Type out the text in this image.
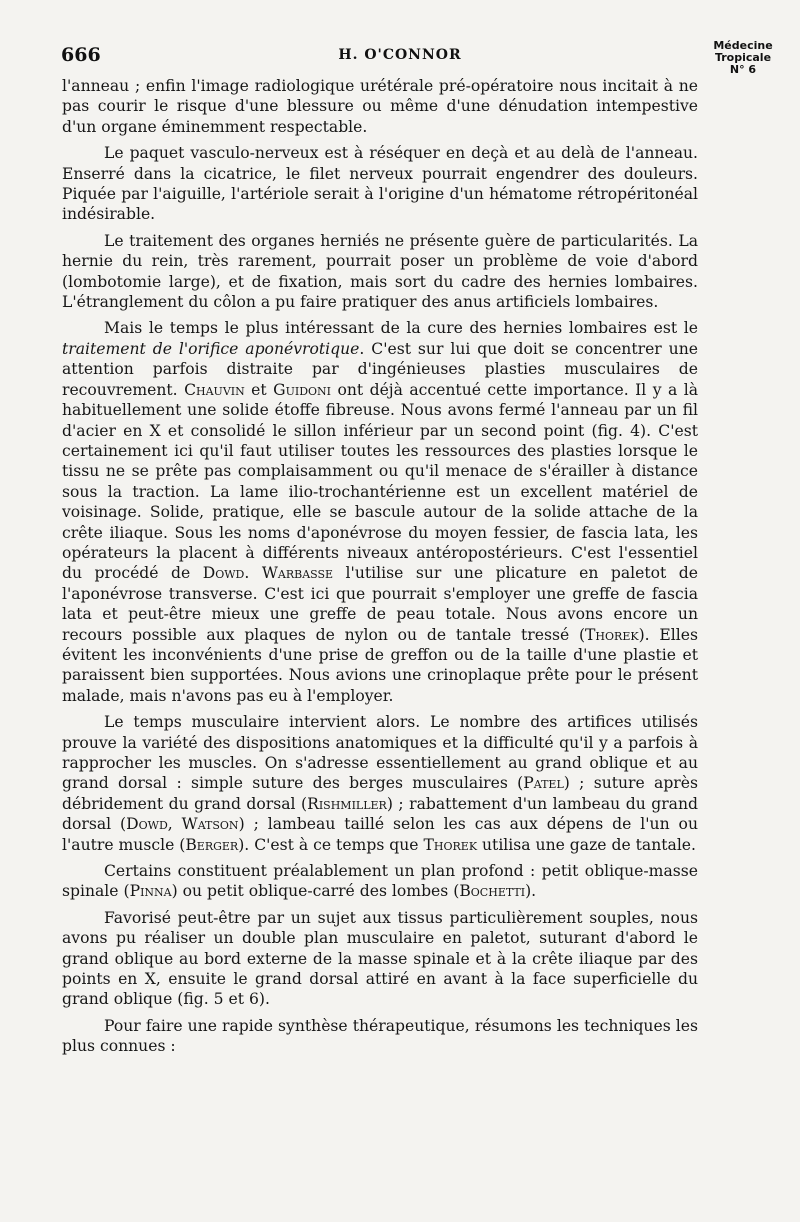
666	H. O'CONNOR
Médecine
Tropicale
N° 6

l'anneau ; enfin l'image radiologique urétérale pré-opératoire nous incitait à ne pas courir le risque d'une blessure ou même d'une dénudation intempestive d'un organe éminemment respectable.

Le paquet vasculo-nerveux est à réséquer en deçà et au delà de l'anneau. Enserré dans la cicatrice, le filet nerveux pourrait engendrer des douleurs. Piquée par l'aiguille, l'artériole serait à l'origine d'un hématome rétropéritonéal indésirable.

Le traitement des organes herniés ne présente guère de particularités. La hernie du rein, très rarement, pourrait poser un problème de voie d'abord (lombotomie large), et de fixation, mais sort du cadre des hernies lombaires. L'étranglement du côlon a pu faire pratiquer des anus artificiels lombaires.

Mais le temps le plus intéressant de la cure des hernies lombaires est le traitement de l'orifice aponévrotique. C'est sur lui que doit se concentrer une attention parfois distraite par d'ingénieuses plasties musculaires de recouvrement. Chauvin et Guidoni ont déjà accentué cette importance. Il y a là habituellement une solide étoffe fibreuse. Nous avons fermé l'anneau par un fil d'acier en X et consolidé le sillon inférieur par un second point (fig. 4). C'est certainement ici qu'il faut utiliser toutes les ressources des plasties lorsque le tissu ne se prête pas complaisamment ou qu'il menace de s'érailler à distance sous la traction. La lame ilio-trochantérienne est un excellent matériel de voisinage. Solide, pratique, elle se bascule autour de la solide attache de la crête iliaque. Sous les noms d'aponévrose du moyen fessier, de fascia lata, les opérateurs la placent à différents niveaux antéropostérieurs. C'est l'essentiel du procédé de Dowd. Warbasse l'utilise sur une plicature en paletot de l'aponévrose transverse. C'est ici que pourrait s'employer une greffe de fascia lata et peut-être mieux une greffe de peau totale. Nous avons encore un recours possible aux plaques de nylon ou de tantale tressé (Thorek). Elles évitent les inconvénients d'une prise de greffon ou de la taille d'une plastie et paraissent bien supportées. Nous avions une crinoplaque prête pour le présent malade, mais n'avons pas eu à l'employer.

Le temps musculaire intervient alors. Le nombre des artifices utilisés prouve la variété des dispositions anatomiques et la difficulté qu'il y a parfois à rapprocher les muscles. On s'adresse essentiellement au grand oblique et au grand dorsal : simple suture des berges musculaires (Patel) ; suture après débridement du grand dorsal (Rishmiller) ; rabattement d'un lambeau du grand dorsal (Dowd, Watson) ; lambeau taillé selon les cas aux dépens de l'un ou l'autre muscle (Berger). C'est à ce temps que Thorek utilisa une gaze de tantale.

Certains constituent préalablement un plan profond : petit oblique-masse spinale (Pinna) ou petit oblique-carré des lombes (Bochetti).

Favorisé peut-être par un sujet aux tissus particulièrement souples, nous avons pu réaliser un double plan musculaire en paletot, suturant d'abord le grand oblique au bord externe de la masse spinale et à la crête iliaque par des points en X, ensuite le grand dorsal attiré en avant à la face superficielle du grand oblique (fig. 5 et 6).

Pour faire une rapide synthèse thérapeutique, résumons les techniques les plus connues :
